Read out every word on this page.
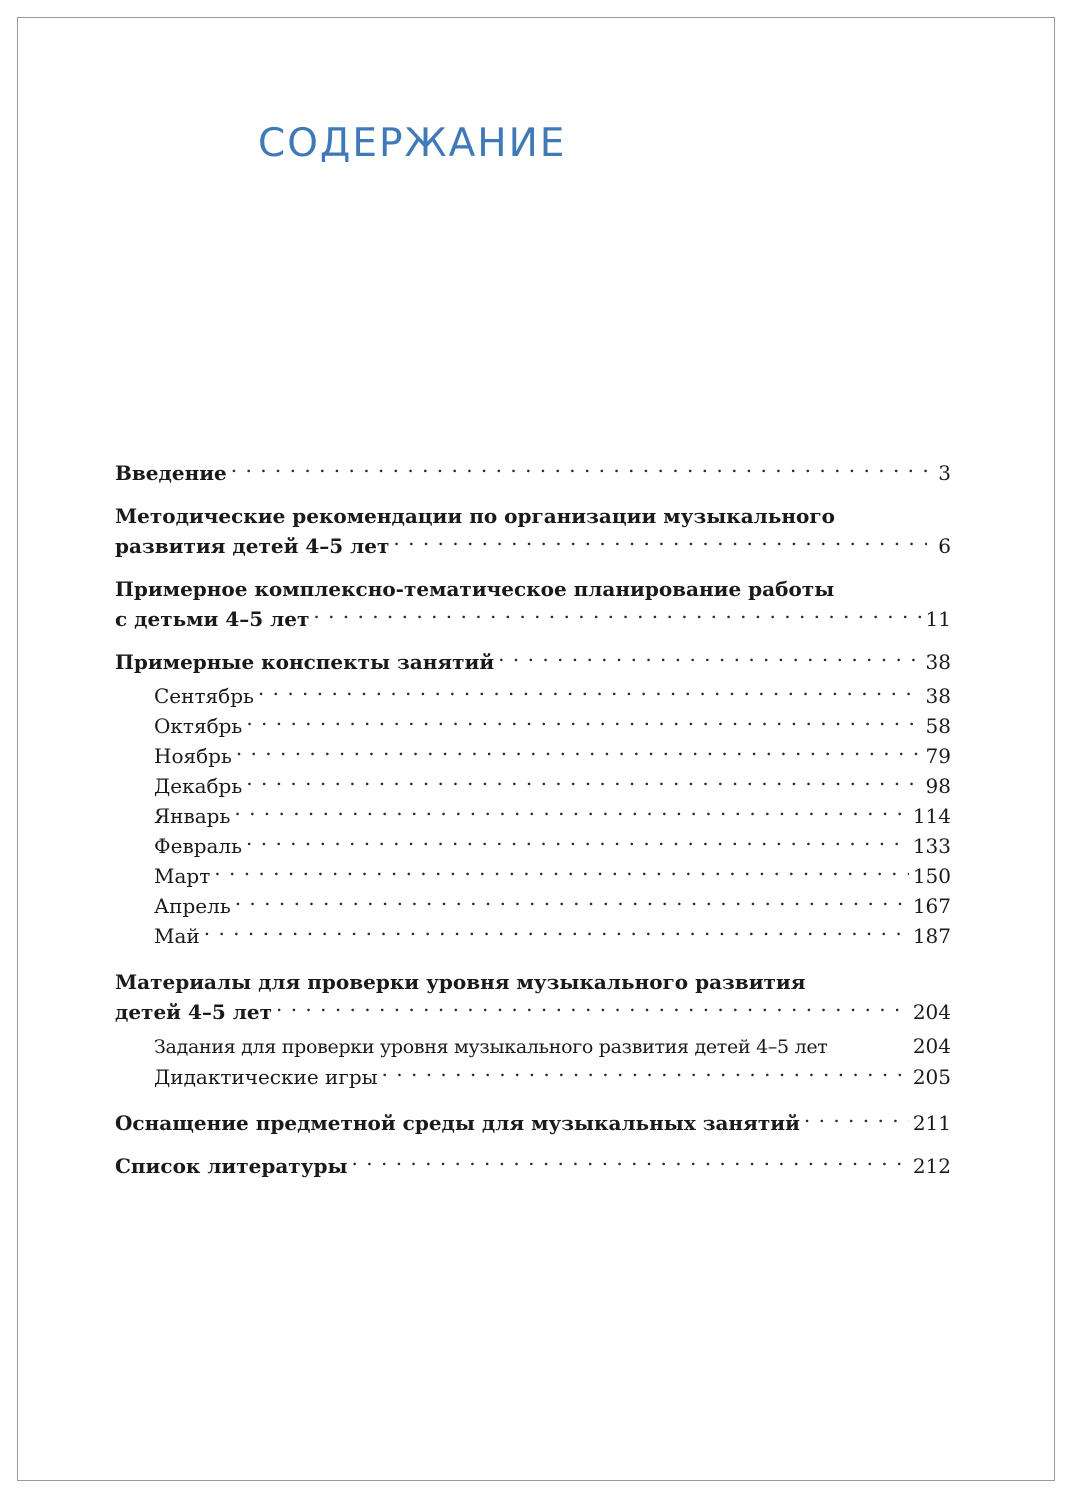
СОДЕРЖАНИЕ
Введение . . .	3
Методические рекомендации по организации музыкального
развития детей 4–5 лет . . .	6
Примерное комплексно-тематическое планирование работы
с детьми 4–5 лет . . .	11
Примерные конспекты занятий . . .	38
Сентябрь . . .	38
Октябрь . . .	58
Ноябрь . . .	79
Декабрь . . .	98
Январь . . .	114
Февраль . . .	133
Март . . .	150
Апрель . . .	167
Май . . .	187
Материалы для проверки уровня музыкального развития
детей 4–5 лет . . .	204
Задания для проверки уровня музыкального развития детей 4–5 лет	204
Дидактические игры . . .	205
Оснащение предметной среды для музыкальных занятий . . .	211
Список литературы . . .	212
